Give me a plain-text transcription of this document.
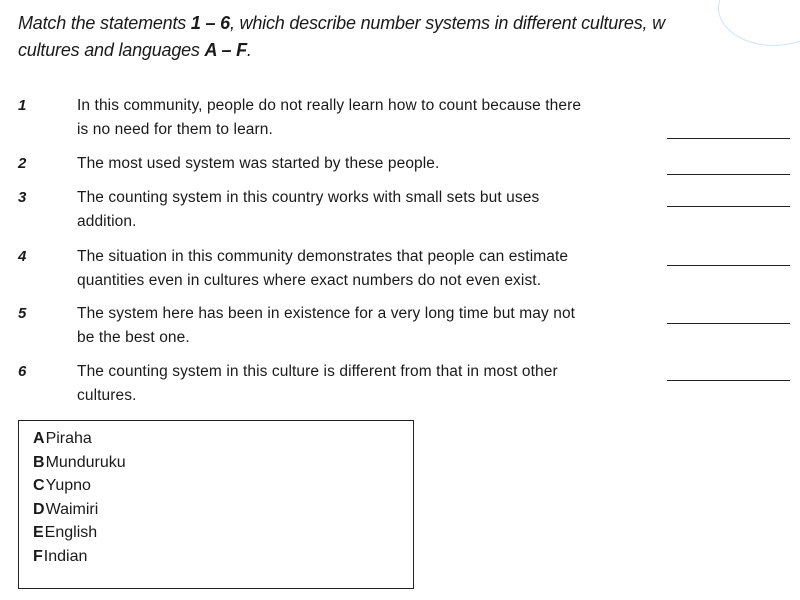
Match the statements 1 – 6, which describe number systems in different cultures, w
cultures and languages A – F.
1	In this community, people do not really learn how to count because there
is no need for them to learn.
2	The most used system was started by these people.
3	The counting system in this country works with small sets but uses
addition.
4	The situation in this community demonstrates that people can estimate
quantities even in cultures where exact numbers do not even exist.
5	The system here has been in existence for a very long time but may not
be the best one.
6	The counting system in this culture is different from that in most other
cultures.
APiraha
BMunduruku
CYupno
DWaimiri
EEnglish
FIndian
